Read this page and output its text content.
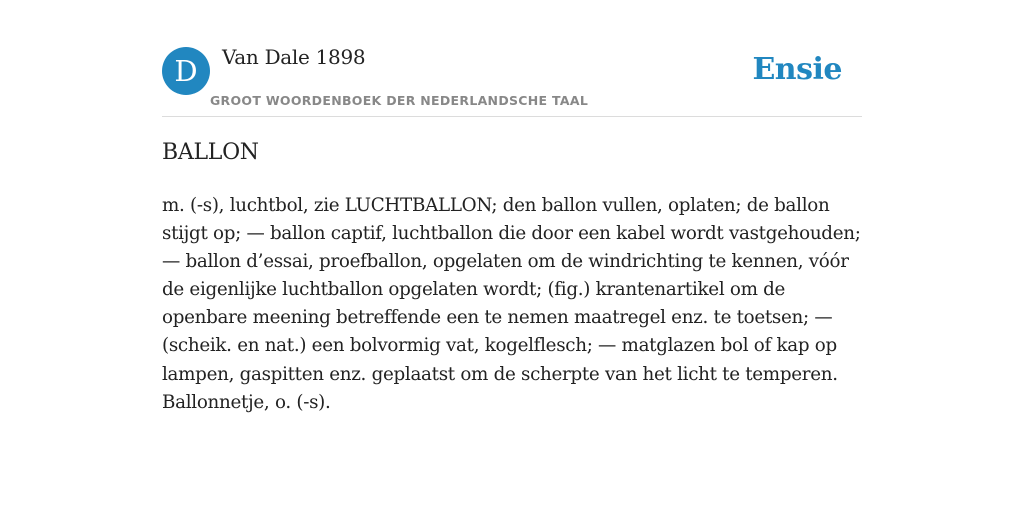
D	Van Dale 1898
GROOT WOORDENBOEK DER NEDERLANDSCHE TAAL
Ensie
BALLON

m. (-s), luchtbol, zie LUCHTBALLON; den ballon vullen, oplaten; de ballon stijgt op; — ballon captif, luchtballon die door een kabel wordt vastgehouden; — ballon d’essai, proefballon, opgelaten om de windrichting te kennen, vóór de eigenlijke luchtballon opgelaten wordt; (fig.) krantenartikel om de openbare meening betreffende een te nemen maatregel enz. te toetsen; — (scheik. en nat.) een bolvormig vat, kogelflesch; — matglazen bol of kap op lampen, gaspitten enz. geplaatst om de scherpte van het licht te temperen. Ballonnetje, o. (-s).
